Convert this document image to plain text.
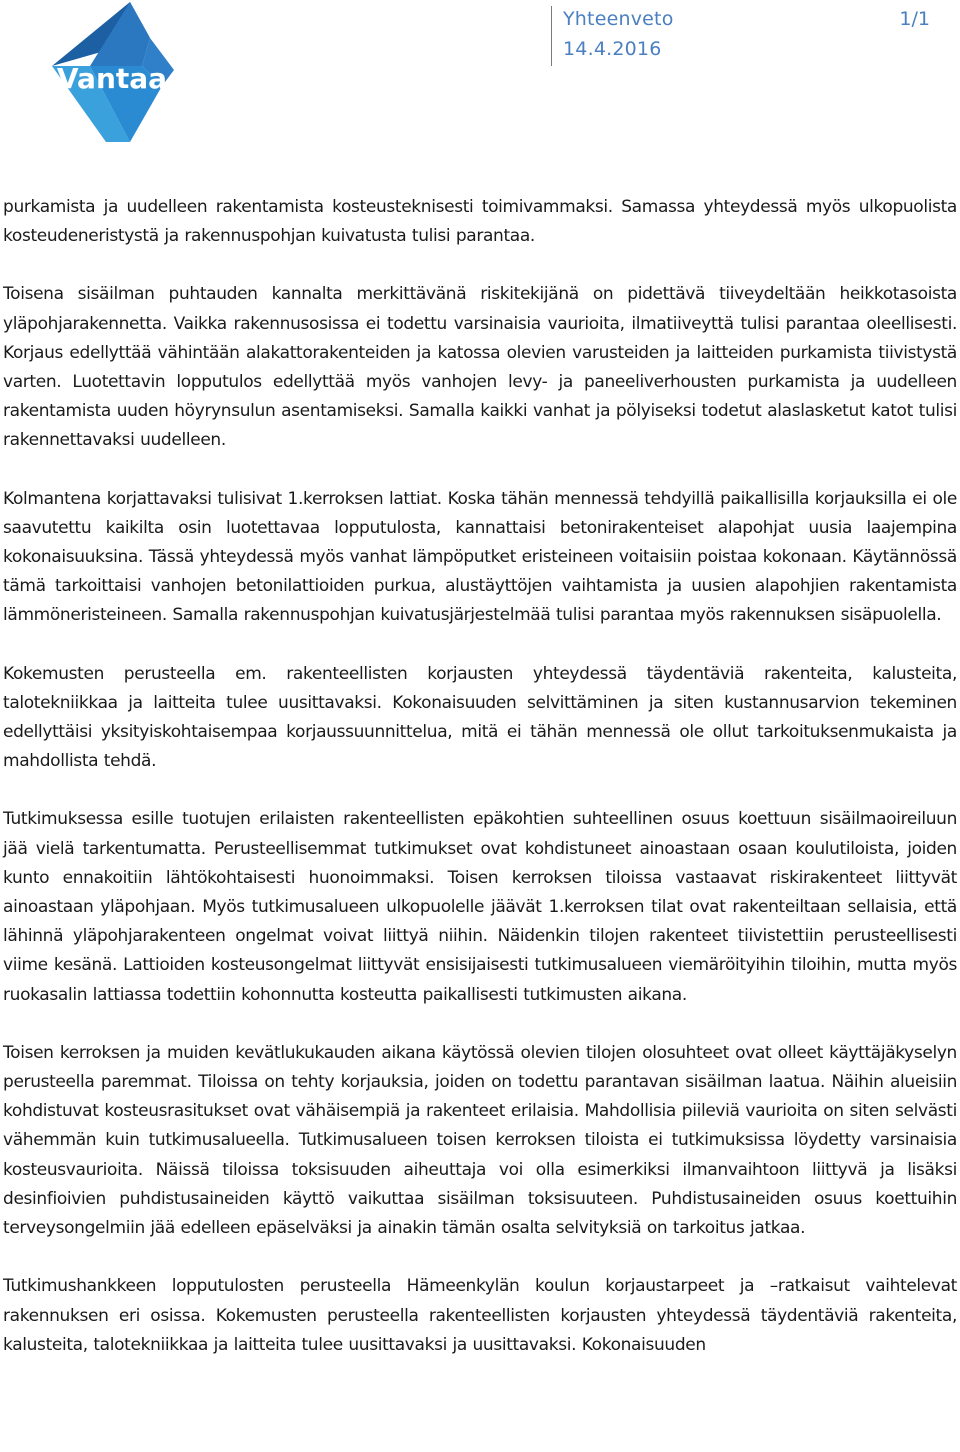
Vantaa
Yhteenveto	1/1
14.4.2016

purkamista ja uudelleen rakentamista kosteusteknisesti toimivammaksi. Samassa yhteydessä myös ulkopuolista kosteudeneristystä ja rakennuspohjan kuivatusta tulisi parantaa.

Toisena sisäilman puhtauden kannalta merkittävänä riskitekijänä on pidettävä tiiveydeltään heikkotasoista yläpohjarakennetta. Vaikka rakennusosissa ei todettu varsinaisia vaurioita, ilmatiiveyttä tulisi parantaa oleellisesti. Korjaus edellyttää vähintään alakattorakenteiden ja katossa olevien varusteiden ja laitteiden purkamista tiivistystä varten. Luotettavin lopputulos edellyttää myös vanhojen levy- ja paneeliverhousten purkamista ja uudelleen rakentamista uuden höyrynsulun asentamiseksi. Samalla kaikki vanhat ja pölyiseksi todetut alaslasketut katot tulisi rakennettavaksi uudelleen.

Kolmantena korjattavaksi tulisivat 1.kerroksen lattiat. Koska tähän mennessä tehdyillä paikallisilla korjauksilla ei ole saavutettu kaikilta osin luotettavaa lopputulosta, kannattaisi betonirakenteiset alapohjat uusia laajempina kokonaisuuksina. Tässä yhteydessä myös vanhat lämpöputket eristeineen voitaisiin poistaa kokonaan. Käytännössä tämä tarkoittaisi vanhojen betonilattioiden purkua, alustäyttöjen vaihtamista ja uusien alapohjien rakentamista lämmöneristeineen. Samalla rakennuspohjan kuivatusjärjestelmää tulisi parantaa myös rakennuksen sisäpuolella.

Kokemusten perusteella em. rakenteellisten korjausten yhteydessä täydentäviä rakenteita, kalusteita, talotekniikkaa ja laitteita tulee uusittavaksi. Kokonaisuuden selvittäminen ja siten kustannusarvion tekeminen edellyttäisi yksityiskohtaisempaa korjaussuunnittelua, mitä ei tähän mennessä ole ollut tarkoituksenmukaista ja mahdollista tehdä.

Tutkimuksessa esille tuotujen erilaisten rakenteellisten epäkohtien suhteellinen osuus koettuun sisäilmaoireiluun jää vielä tarkentumatta. Perusteellisemmat tutkimukset ovat kohdistuneet ainoastaan osaan koulutiloista, joiden kunto ennakoitiin lähtökohtaisesti huonoimmaksi. Toisen kerroksen tiloissa vastaavat riskirakenteet liittyvät ainoastaan yläpohjaan. Myös tutkimusalueen ulkopuolelle jäävät 1.kerroksen tilat ovat rakenteiltaan sellaisia, että lähinnä yläpohjarakenteen ongelmat voivat liittyä niihin. Näidenkin tilojen rakenteet tiivistettiin perusteellisesti viime kesänä. Lattioiden kosteusongelmat liittyvät ensisijaisesti tutkimusalueen viemäröityihin tiloihin, mutta myös ruokasalin lattiassa todettiin kohonnutta kosteutta paikallisesti tutkimusten aikana.

Toisen kerroksen ja muiden kevätlukukauden aikana käytössä olevien tilojen olosuhteet ovat olleet käyttäjäkyselyn perusteella paremmat. Tiloissa on tehty korjauksia, joiden on todettu parantavan sisäilman laatua. Näihin alueisiin kohdistuvat kosteusrasitukset ovat vähäisempiä ja rakenteet erilaisia. Mahdollisia piileviä vaurioita on siten selvästi vähemmän kuin tutkimusalueella. Tutkimusalueen toisen kerroksen tiloista ei tutkimuksissa löydetty varsinaisia kosteusvaurioita. Näissä tiloissa toksisuuden aiheuttaja voi olla esimerkiksi ilmanvaihtoon liittyvä ja lisäksi desinfioivien puhdistusaineiden käyttö vaikuttaa sisäilman toksisuuteen. Puhdistusaineiden osuus koettuihin terveysongelmiin jää edelleen epäselväksi ja ainakin tämän osalta selvityksiä on tarkoitus jatkaa.

Tutkimushankkeen lopputulosten perusteella Hämeenkylän koulun korjaustarpeet ja –ratkaisut vaihtelevat rakennuksen eri osissa. Kokemusten perusteella rakenteellisten korjausten yhteydessä täydentäviä rakenteita, kalusteita, talotekniikkaa ja laitteita tulee uusittavaksi ja uusittavaksi. Kokonaisuuden
